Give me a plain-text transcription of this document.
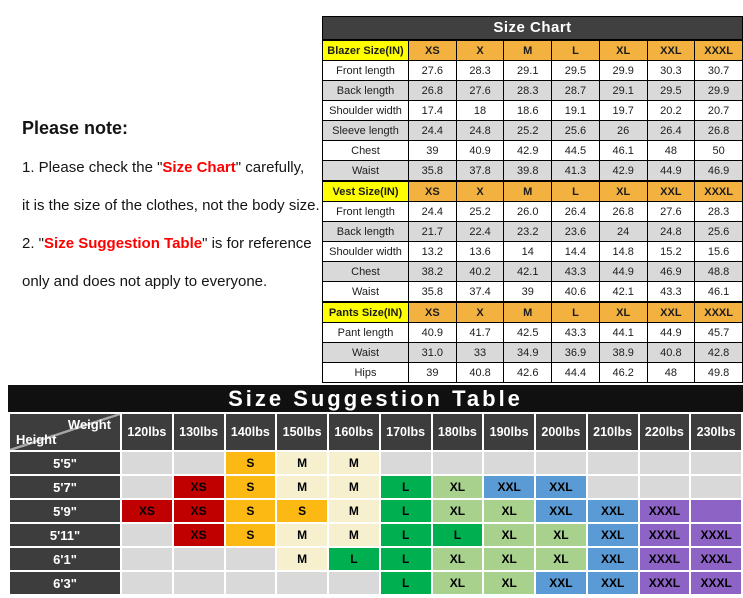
Please note:
1. Please check the "Size Chart" carefully,
it is the size of the clothes, not the body size.
2. "Size Suggestion Table" is for reference
only and does not apply to everyone.
Size Chart
Blazer Size(IN)	XS	X	M	L	XL	XXL	XXXL
Front length	27.6	28.3	29.1	29.5	29.9	30.3	30.7
Back length	26.8	27.6	28.3	28.7	29.1	29.5	29.9
Shoulder width	17.4	18	18.6	19.1	19.7	20.2	20.7
Sleeve length	24.4	24.8	25.2	25.6	26	26.4	26.8
Chest	39	40.9	42.9	44.5	46.1	48	50
Waist	35.8	37.8	39.8	41.3	42.9	44.9	46.9
Vest Size(IN)	XS	X	M	L	XL	XXL	XXXL
Front length	24.4	25.2	26.0	26.4	26.8	27.6	28.3
Back length	21.7	22.4	23.2	23.6	24	24.8	25.6
Shoulder width	13.2	13.6	14	14.4	14.8	15.2	15.6
Chest	38.2	40.2	42.1	43.3	44.9	46.9	48.8
Waist	35.8	37.4	39	40.6	42.1	43.3	46.1
Pants Size(IN)	XS	X	M	L	XL	XXL	XXXL
Pant length	40.9	41.7	42.5	43.3	44.1	44.9	45.7
Waist	31.0	33	34.9	36.9	38.9	40.8	42.8
Hips	39	40.8	42.6	44.4	46.2	48	49.8
Size Suggestion Table
Weight
Height	120lbs	130lbs	140lbs	150lbs	160lbs	170lbs	180lbs	190lbs	200lbs	210lbs	220lbs	230lbs
5'5"			S	M	M							
5'7"		XS	S	M	M	L	XL	XXL	XXL			
5'9"	XS	XS	S	S	M	L	XL	XL	XXL	XXL	XXXL	
5'11"		XS	S	M	M	L	L	XL	XL	XXL	XXXL	XXXL
6'1"				M	L	L	XL	XL	XL	XXL	XXXL	XXXL
6'3"						L	XL	XL	XXL	XXL	XXXL	XXXL
